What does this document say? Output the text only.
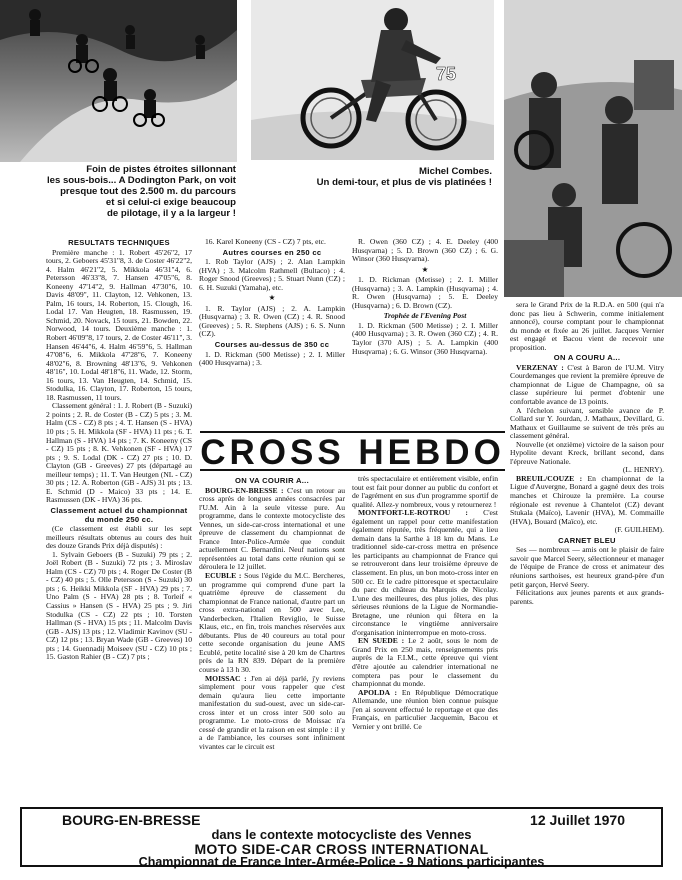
75
Foin de pistes étroites sillonnant
les sous-bois... A Dodington Park, on voit
presque tout des 2.500 m. du parcours
et si celui-ci exige beaucoup
de pilotage, il y a la largeur !
Michel Combes.
Un demi-tour, et plus de vis platinées !

RESULTATS TECHNIQUES

Première manche : 1. Robert 45'26"2, 17 tours, 2. Geboers 45'31"8, 3. de Coster 46'22"2, 4. Halm 46'21"2, 5. Mikkola 46'31"4, 6. Petersson 46'33"8, 7. Hansen 47'05"6, 8. Koneeny 47'14"2, 9. Hallman 47'30"6, 10. Davis 48'09", 11. Clayton, 12. Vehkonen, 13. Palm, 16 tours, 14. Roberton, 15. Clough, 16. Lodal 17. Van Heugten, 18. Rasmussen, 19. Schmid, 20. Novack, 15 tours, 21. Bowden, 22. Norwood, 14 tours. Deuxième manche : 1. Robert 46'09"8, 17 tours, 2. de Coster 46'11", 3. Hansen 46'44"6, 4. Halm 46'59"6, 5. Hallman 47'08"6, 6. Mikkola 47'28"6, 7. Koneeny 48'02"6, 8. Browning 48'13"6, 9. Vehkonen 48'16", 10. Lodal 48'18"6, 11. Wade, 12. Storm, 16 tours, 13. Van Heugten, 14. Schmid, 15. Stodulka, 16. Clayton, 17. Roberton, 15 tours, 18. Rasmussen, 11 tours.

Classement général : 1. J. Robert (B - Suzuki) 2 points ; 2. R. de Coster (B - CZ) 5 pts ; 3. M. Halm (CS - CZ) 8 pts ; 4. T. Hansen (S - HVA) 10 pts ; 5. H. Mikkola (SF - HVA) 11 pts ; 6. T. Hallman (S - HVA) 14 pts ; 7. K. Koneeny (CS - CZ) 15 pts ; 8. K. Vehkonen (SF - HVA) 17 pts ; 9. S. Lodal (DK - CZ) 27 pts ; 10. D. Clayton (GB - Greeves) 27 pts (départagé au meilleur temps) ; 11. T. Van Heutgen (NL - CZ) 30 pts ; 12. A. Roberton (GB - AJS) 31 pts ; 13. E. Schmid (D - Maico) 33 pts ; 14. E. Rasmussen (DK - HVA) 36 pts.

Classement actuel du championnat du monde 250 cc.

(Ce classement est établi sur les sept meilleurs résultats obtenus au cours des huit des douze Grands Prix déjà disputés) :

1. Sylvain Geboers (B - Suzuki) 79 pts ; 2. Joël Robert (B - Suzuki) 72 pts ; 3. Miroslav Halm (CS - CZ) 70 pts ; 4. Roger De Coster (B - CZ) 40 pts ; 5. Olle Petersson (S - Suzuki) 30 pts ; 6. Heikki Mikkola (SF - HVA) 29 pts ; 7. Uno Palm (S - HVA) 28 pts ; 8. Torleif « Cassius » Hansen (S - HVA) 25 pts ; 9. Jiri Stodulka (CS - CZ) 22 pts ; 10. Torsten Hallman (S - HVA) 15 pts ; 11. Malcolm Davis (GB - AJS) 13 pts ; 12. Vladimir Kavinov (SU - CZ) 12 pts ; 13. Bryan Wade (GB - Greeves) 10 pts ; 14. Guennadij Moiseev (SU - CZ) 10 pts ; 15. Gaston Rahier (B - CZ) 7 pts ;

16. Karel Koneeny (CS - CZ) 7 pts, etc.

Autres courses en 250 cc

1. Rob Taylor (AJS) ; 2. Alan Lampkin (HVA) ; 3. Malcolm Rathmell (Bultaco) ; 4. Roger Snood (Greeves) ; 5. Stuart Nunn (CZ) ; 6. H. Suzuki (Yamaha), etc.

★

1. R. Taylor (AJS) ; 2. A. Lampkin (Husqvarna) ; 3. R. Owen (CZ) ; 4. R. Snood (Greeves) ; 5. R. Stephens (AJS) ; 6. S. Nunn (CZ).

Courses au-dessus de 350 cc

1. D. Rickman (500 Metisse) ; 2. I. Miller (400 Husqvarna) ; 3.

R. Owen (360 CZ) ; 4. E. Deeley (400 Husqvarna) ; 5. D. Brown (360 CZ) ; 6. G. Winsor (360 Husqvarna).

★

1. D. Rickman (Metisse) ; 2. I. Miller (Husqvarna) ; 3. A. Lampkin (Husqvarna) ; 4. R. Owen (Husqvarna) ; 5. E. Deeley (Husqvarna) ; 6. D. Brown (CZ).

Trophée de l'Evening Post

1. D. Rickman (500 Metisse) ; 2. I. Miller (400 Husqvarna) ; 3. R. Owen (360 CZ) ; 4. R. Taylor (370 AJS) ; 5. A. Lampkin (400 Husqvarna) ; 6. G. Winsor (360 Husqvarna).

CROSS HEBDO

ON VA COURIR A...

BOURG-EN-BRESSE : C'est un retour au cross après de longues années consacrées par l'U.M. Ain à la seule vitesse pure. Au programme, dans le contexte motocycliste des Vennes, un side-car-cross international et une épreuve de classement du championnat de France Inter-Police-Armée que conduit actuellement C. Bernardini. Neuf nations sont représentées au total dans cette réunion qui se déroulera le 12 juillet.

ECUBLE : Sous l'égide du M.C. Bercheres, un programme qui comprend d'une part la quatrième épreuve de classement du championnat de France national, d'autre part un cross extra-national en 500 avec Lee, Vanderbecken, l'Italien Reviglio, le Suisse Klaus, etc., en fin, trois manches réservées aux débutants. Plus de 40 coureurs au total pour cette seconde organisation du jeune AMS Ecublé, petite localité sise à 20 km de Chartres près de la RN 839. Départ de la première course à 13 h 30.

MOISSAC : J'en ai déjà parlé, j'y reviens simplement pour vous rappeler que c'est demain qu'aura lieu cette importante manifestation du sud-ouest, avec un side-car-cross inter et un cross inter 500 solo au programme. Le moto-cross de Moissac n'a cessé de grandir et la raison en est simple : il y a de l'ambiance, les courses sont infiniment vivantes car le circuit est

très spectaculaire et entièrement visible, enfin tout est fait pour donner au public du confort et de l'agrément en sus d'un programme sportif de qualité. Allez-y nombreux, vous y retournerez !

MONTFORT-LE-ROTROU : C'est également un rappel pour cette manifestation également réputée, très fréquentée, qui a lieu demain dans la Sarthe à 18 km du Mans. Le traditionnel side-car-cross mettra en présence les participants au championnat de France qui se retrouveront dans leur troisième épreuve de classement. En plus, un bon moto-cross inter en 500 cc. Et le cadre pittoresque et spectaculaire du parc du château du Marquis de Nicolay. L'une des meilleures, des plus jolies, des plus sérieuses réunions de la Ligue de Normandie-Bretagne, une réunion qui fêtera en la circonstance le vingtième anniversaire d'organisation ininterrompue en moto-cross.

EN SUEDE : Le 2 août, sous le nom de Grand Prix en 250 mais, renseignements pris auprès de la F.I.M., cette épreuve qui vient d'être ajoutée au calendrier international ne comptera pas pour le classement du championnat du monde.

APOLDA : En République Démocratique Allemande, une réunion bien connue puisque j'en ai souvent effectué le reportage et que des Français, en particulier Jacquemin, Bacou et Vernier y ont brillé. Ce

sera le Grand Prix de la R.D.A. en 500 (qui n'a donc pas lieu à Schwerin, comme initialement annoncé), course comptant pour le championnat du monde et fixée au 26 juillet. Jacques Vernier est engagé et Bacou vient de recevoir une proposition.

ON A COURU A...

VERZENAY : C'est à Baron de l'U.M. Vitry Courdemanges que revient la première épreuve de championnat de Ligue de Champagne, où sa classe supérieure lui permet d'obtenir une confortable avance de 13 points.

A l'échelon suivant, sensible avance de P. Collard sur Y. Jourdan, J. Mathaux, Devillard, G. Mathaux et Guillaume se suivent de très près au classement général.

Nouvelle (et onzième) victoire de la saison pour Hypolite devant Kreck, brillant second, dans l'épreuve Nationale.

(L. HENRY).

BREUIL/COUZE : En championnat de la Ligue d'Auvergne, Bonard a gagné deux des trois manches et Chirouze la première. La course régionale est revenue à Chantelot (CZ) devant Stukala (Maïco), Lavenir (HVA), M. Commaille (HVA), Bouard (Maïco), etc.

(F. GUILHEM).

CARNET BLEU

Ses — nombreux — amis ont le plaisir de faire savoir que Marcel Seery, sélectionneur et manager de l'équipe de France de cross et animateur des réunions sarthoises, est heureux grand-père d'un petit garçon, Hervé Seery.

Félicitations aux jeunes parents et aux grands-parents.

BOURG-EN-BRESSE	12 Juillet 1970
dans le contexte motocycliste des Vennes
MOTO SIDE-CAR CROSS INTERNATIONAL
Championnat de France Inter-Armée-Police - 9 Nations participantes
